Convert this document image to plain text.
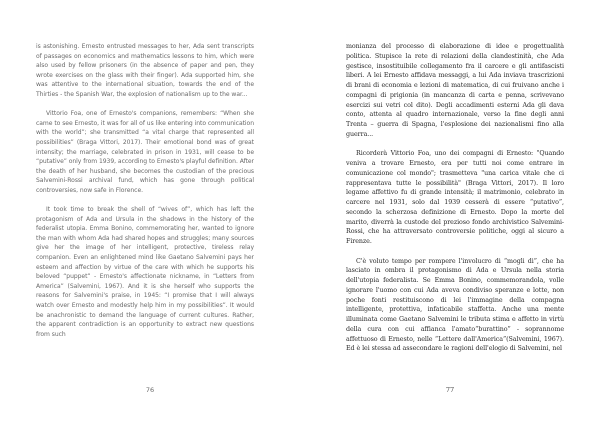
is astonishing. Ernesto entrusted messages to her, Ada sent transcripts of passages on economics and mathematics lessons to him, which were also used by fellow prisoners (in the absence of paper and pen, they wrote exercises on the glass with their finger). Ada supported him, she was attentive to the international situation, towards the end of the Thirties - the Spanish War, the explosion of nationalism up to the war...

Vittorio Foa, one of Ernesto's companions, remembers: “When she came to see Ernesto, it was for all of us like entering into communication with the world”; she transmitted “a vital charge that represented all possibilities” (Braga Vittori, 2017). Their emotional bond was of great intensity; the marriage, celebrated in prison in 1931, will cease to be “putative” only from 1939, according to Ernesto's playful definition. After the death of her husband, she becomes the custodian of the precious Salvemini-Rossi archival fund, which has gone through political controversies, now safe in Florence.

It took time to break the shell of “wives of”, which has left the protagonism of Ada and Ursula in the shadows in the history of the federalist utopia. Emma Bonino, commemorating her, wanted to ignore the man with whom Ada had shared hopes and struggles; many sources give her the image of her intelligent, protective, tireless relay companion. Even an enlightened mind like Gaetano Salvemini pays her esteem and affection by virtue of the care with which he supports his beloved “puppet” - Ernesto's affectionate nickname, in “Letters from America” (Salvemini, 1967). And it is she herself who supports the reasons for Salvemini's praise, in 1945: “I promise that I will always watch over Ernesto and modestly help him in my possibilities”. It would be anachronistic to demand the language of current cultures. Rather, the apparent contradiction is an opportunity to extract new questions from such

76

monianza del processo di elaborazione di idee e progettualità politica. Stupisce la rete di relazioni della clandestinità, che Ada gestisce, insostituibile collegamento fra il carcere e gli antifascisti liberi. A lei Ernesto affidava messaggi, a lui Ada inviava trascrizioni di brani di economia e lezioni di matematica, di cui fruivano anche i compagni di prigionia (in mancanza di carta e penna, scrivevano esercizi sui vetri col dito). Degli accadimenti esterni Ada gli dava conto, attenta al quadro internazionale, verso la fine degli anni Trenta – guerra di Spagna, l'esplosione dei nazionalismi fino alla guerra...

Ricorderà Vittorio Foa, uno dei compagni di Ernesto: "Quando veniva a trovare Ernesto, era per tutti noi come entrare in comunicazione col mondo"; trasmetteva "una carica vitale che ci rappresentava tutte le possibilità" (Braga Vittori, 2017). Il loro legame affettivo fu di grande intensità; il matrimonio, celebrato in carcere nel 1931, solo dal 1939 cesserà di essere “putativo”, secondo la scherzosa definizione di Ernesto. Dopo la morte del marito, diverrà la custode del prezioso fondo archivistico Salvemini-Rossi, che ha attraversato controversie politiche, oggi al sicuro a Firenze.

C'è voluto tempo per rompere l'involucro di “mogli di”, che ha lasciato in ombra il protagonismo di Ada e Ursula nella storia dell'utopia federalista. Se Emma Bonino, commemorandola, volle ignorare l'uomo con cui Ada aveva condiviso speranze e lotte, non poche fonti restituiscono di lei l'immagine della compagna intelligente, protettiva, infaticabile staffetta. Anche una mente illuminata come Gaetano Salvemini le tributa stima e affetto in virtù della cura con cui affianca l'amato“burattino” - soprannome affettuoso di Ernesto, nelle “Lettere dall'America”(Salvemini, 1967). Ed è lei stessa ad assecondare le ragioni dell'elogio di Salvemini, nel

77
